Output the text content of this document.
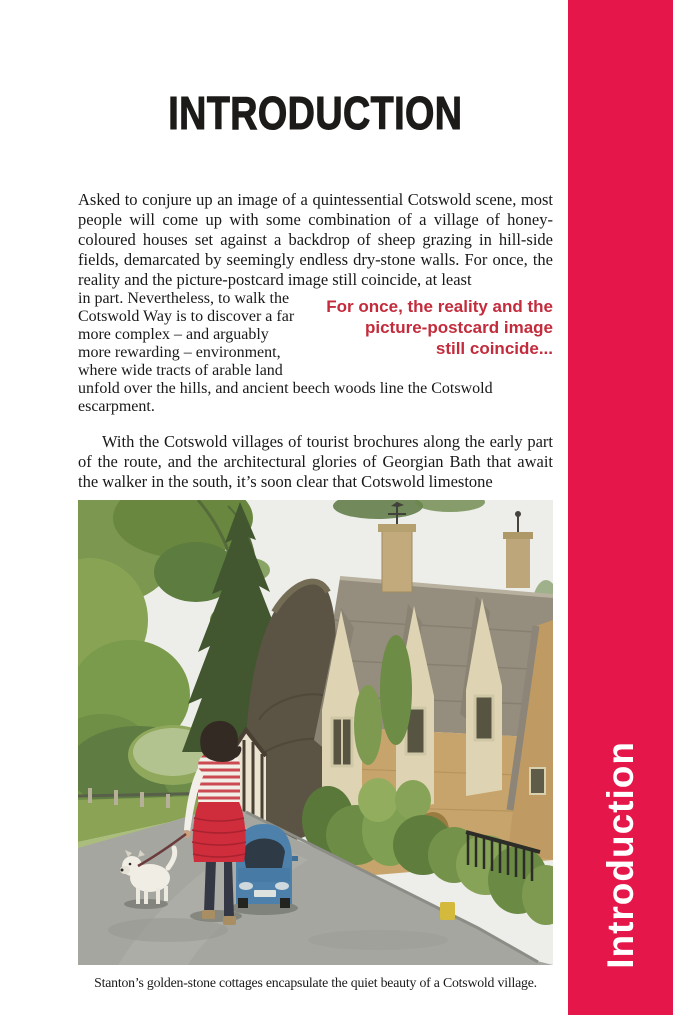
INTRODUCTION

Asked to conjure up an image of a quintessential Cotswold scene, most people will come up with some combination of a village of honey-coloured houses set against a backdrop of sheep grazing in hill-side fields, demarcated by seemingly endless dry-stone walls. For once, the reality and the picture-postcard image still coincide, at least

For once, the reality and the
picture-postcard image
still coincide...
in part. Nevertheless, to walk the Cotswold Way is to discover a far more complex – and arguably more rewarding – environment, where wide tracts of arable land unfold over the hills, and ancient beech woods line the Cotswold escarpment.

With the Cotswold villages of tourist brochures along the early part of the route, and the architectural glories of Georgian Bath that await the walker in the south, it’s soon clear that Cotswold limestone

Stanton’s golden-stone cottages encapsulate the quiet beauty of a Cotswold village.

Introduction
